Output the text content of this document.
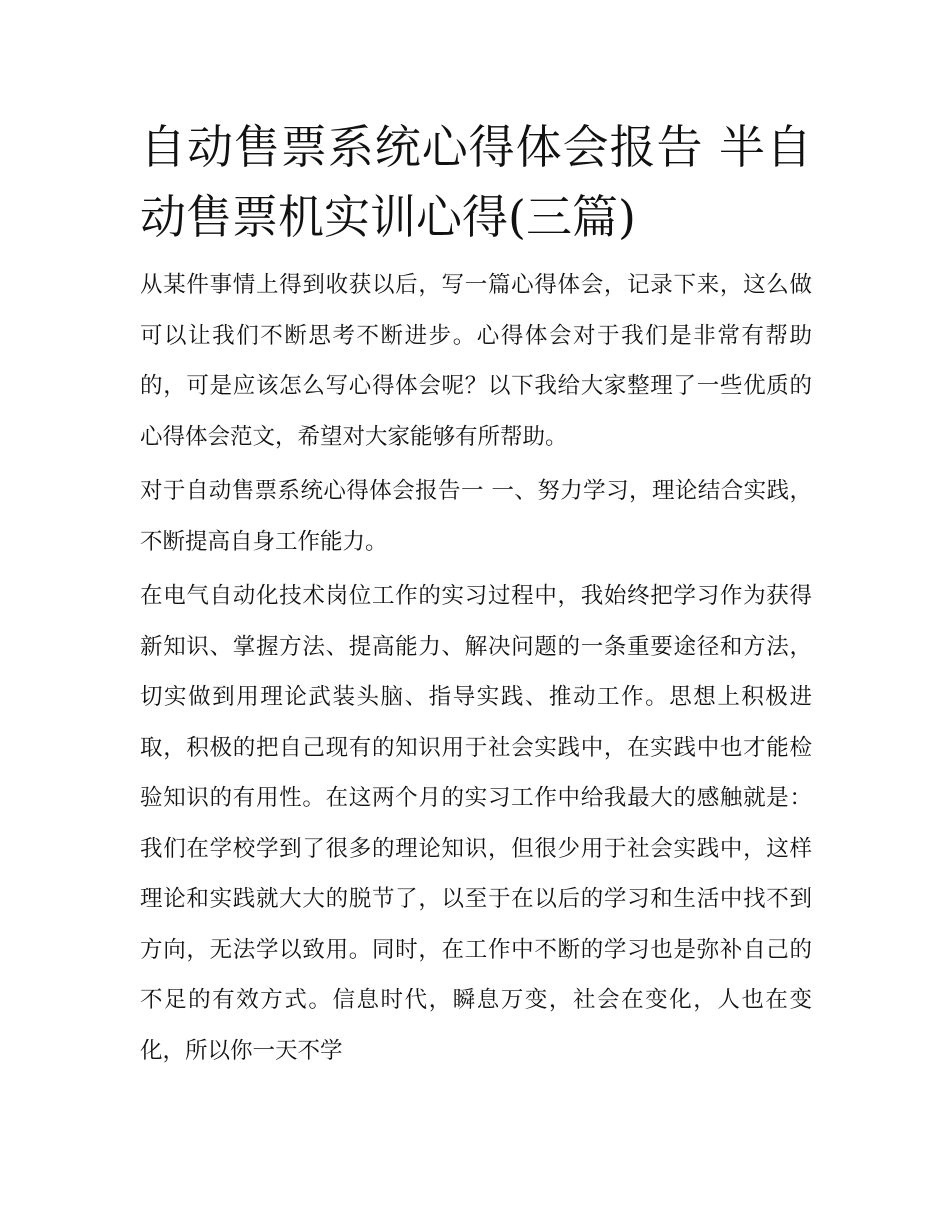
自动售票系统心得体会报告 半自动售票机实训心得(三篇)

从某件事情上得到收获以后，写一篇心得体会，记录下来，这么做可以让我们不断思考不断进步。心得体会对于我们是非常有帮助的，可是应该怎么写心得体会呢？以下我给大家整理了一些优质的心得体会范文，希望对大家能够有所帮助。

对于自动售票系统心得体会报告一 一、努力学习，理论结合实践，不断提高自身工作能力。

在电气自动化技术岗位工作的实习过程中，我始终把学习作为获得新知识、掌握方法、提高能力、解决问题的一条重要途径和方法，切实做到用理论武装头脑、指导实践、推动工作。思想上积极进取，积极的把自己现有的知识用于社会实践中，在实践中也才能检验知识的有用性。在这两个月的实习工作中给我最大的感触就是：我们在学校学到了很多的理论知识，但很少用于社会实践中，这样理论和实践就大大的脱节了，以至于在以后的学习和生活中找不到方向，无法学以致用。同时，在工作中不断的学习也是弥补自己的不足的有效方式。信息时代，瞬息万变，社会在变化，人也在变化，所以你一天不学
